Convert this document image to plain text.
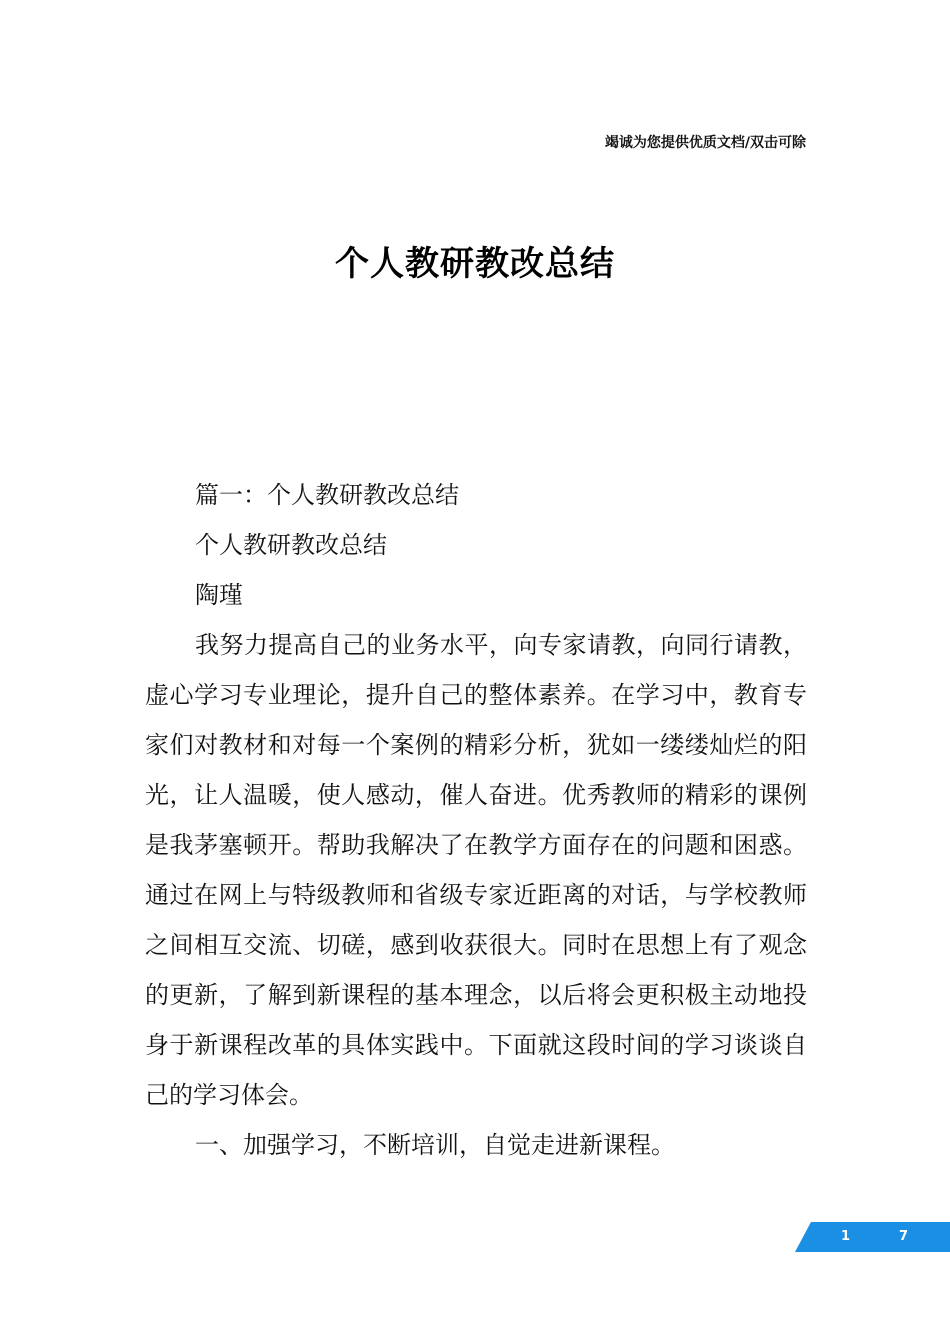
竭诚为您提供优质文档/双击可除
个人教研教改总结

篇一：个人教研教改总结

个人教研教改总结

陶瑾

我努力提高自己的业务水平，向专家请教，向同行请教，虚心学习专业理论，提升自己的整体素养。在学习中，教育专家们对教材和对每一个案例的精彩分析，犹如一缕缕灿烂的阳光，让人温暖，使人感动，催人奋进。优秀教师的精彩的课例是我茅塞顿开。帮助我解决了在教学方面存在的问题和困惑。通过在网上与特级教师和省级专家近距离的对话，与学校教师之间相互交流、切磋，感到收获很大。同时在思想上有了观念的更新，了解到新课程的基本理念，以后将会更积极主动地投身于新课程改革的具体实践中。下面就这段时间的学习谈谈自己的学习体会。

一、加强学习，不断培训，自觉走进新课程。

1	7
